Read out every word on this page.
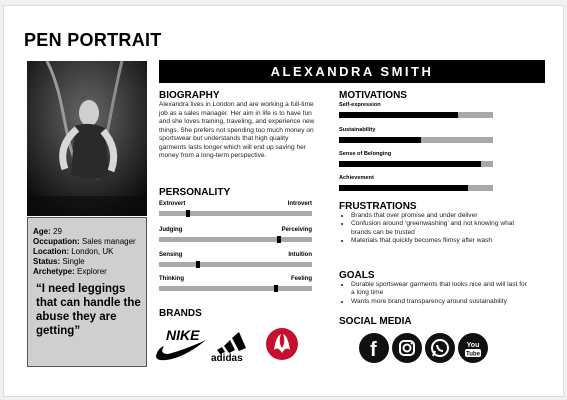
PEN PORTRAIT
Age: 29
Occupation: Sales manager
Location: London, UK
Status: Single
Archetype: Explorer
“I need leggings that can handle the abuse they are getting”
ALEXANDRA SMITH
BIOGRAPHY
Alexandra lives in London and are working a full-time job as a sales manager. Her aim in life is to have fun and she loves training, traveling, and experience new things. She prefers not spending too much money on sportswear but understands that high quality garments lasts longer which will end up saving her money from a long-term perspective.
PERSONALITY
Extrovert	Introvert
Judging	Perceiving
Sensing	Intuition
Thinking	Feeling
BRANDS
NIKE
adidas
MOTIVATIONS
Self-expression
Sustainability
Sense of Belonging
Achievement
FRUSTRATIONS
• Brands that over promise and under deliver
• Confusion around ‘greenwashing’ and not knowing what brands can be trusted
• Materials that quickly becomes flimsy after wash
GOALS
• Durable sportswear garments that looks nice and will last for a long time
• Wants more brand transparency around sustainability
SOCIAL MEDIA
f	You
Tube
